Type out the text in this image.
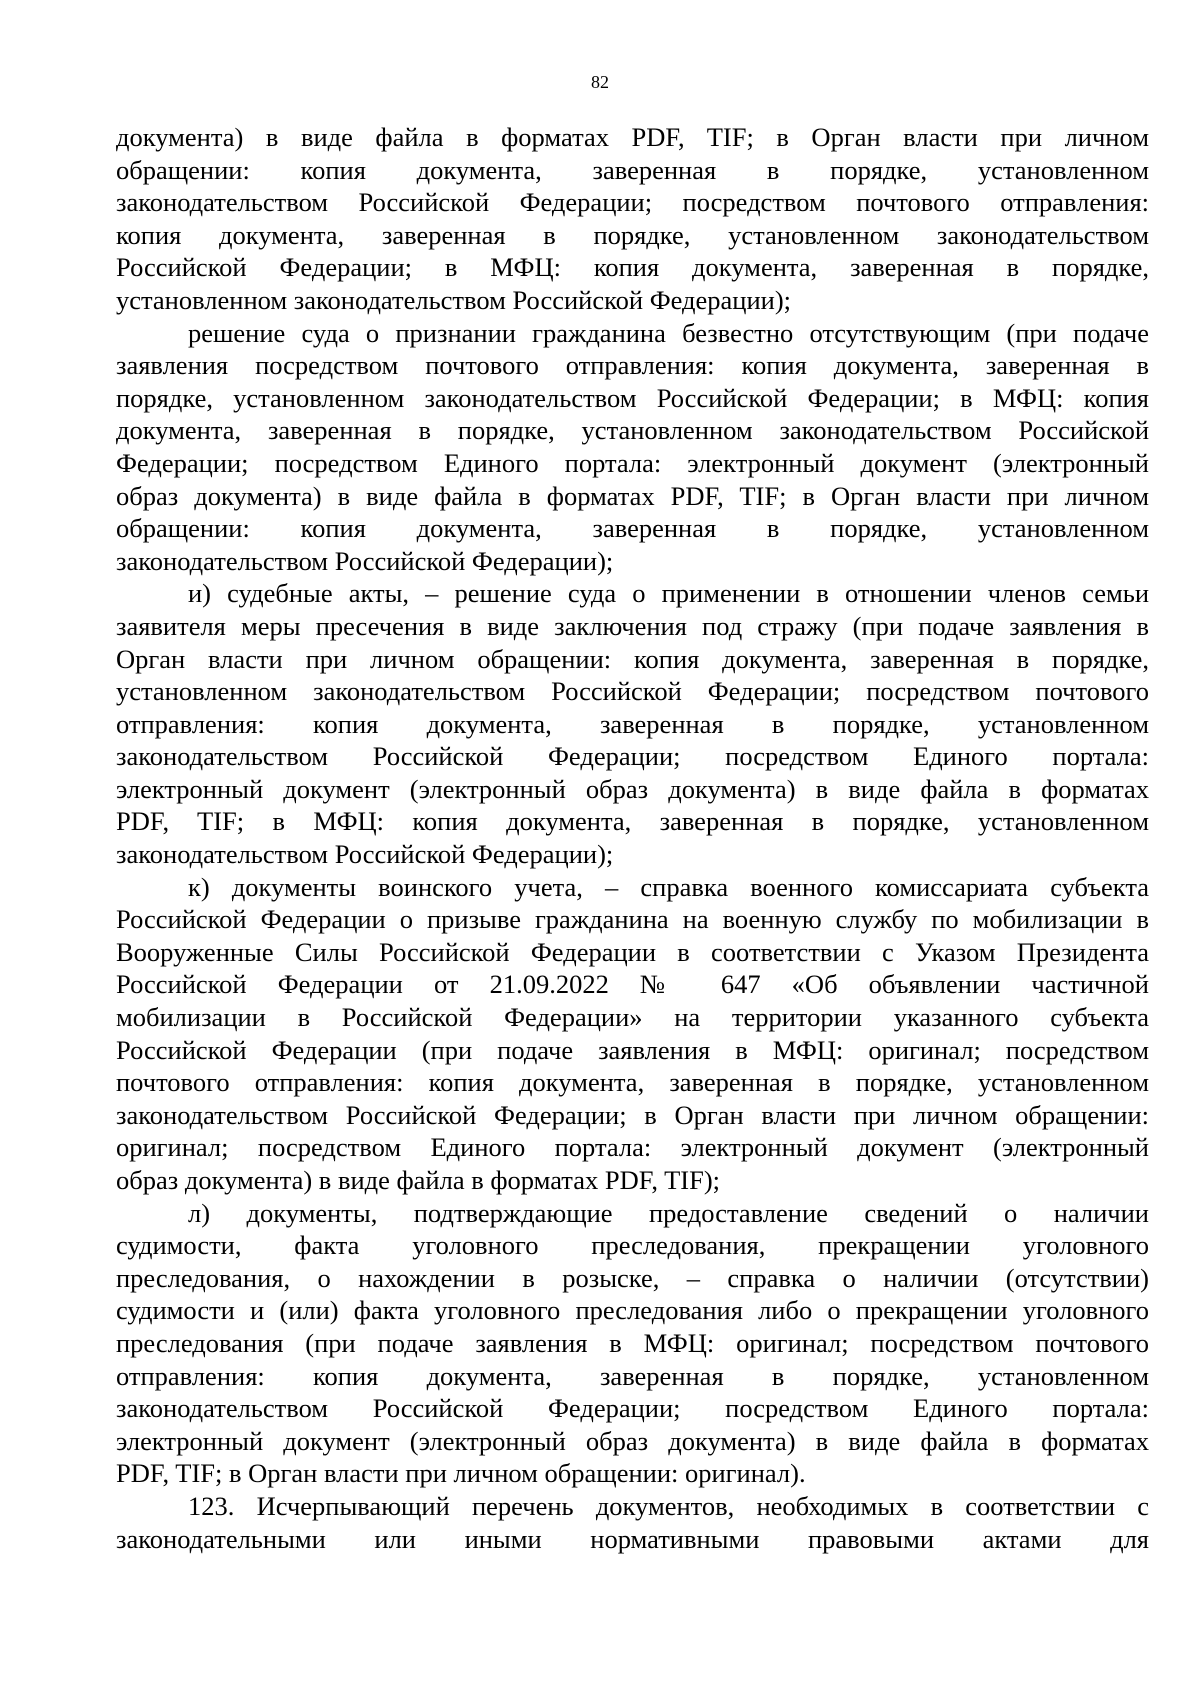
82
документа) в виде файла в форматах PDF, TIF; в Орган власти при личном
обращении: копия документа, заверенная в порядке, установленном
законодательством Российской Федерации; посредством почтового отправления:
копия документа, заверенная в порядке, установленном законодательством
Российской Федерации; в МФЦ: копия документа, заверенная в порядке,
установленном законодательством Российской Федерации);
решение суда о признании гражданина безвестно отсутствующим (при подаче
заявления посредством почтового отправления: копия документа, заверенная в
порядке, установленном законодательством Российской Федерации; в МФЦ: копия
документа, заверенная в порядке, установленном законодательством Российской
Федерации; посредством Единого портала: электронный документ (электронный
образ документа) в виде файла в форматах PDF, TIF; в Орган власти при личном
обращении: копия документа, заверенная в порядке, установленном
законодательством Российской Федерации);
и) судебные акты, – решение суда о применении в отношении членов семьи
заявителя меры пресечения в виде заключения под стражу (при подаче заявления в
Орган власти при личном обращении: копия документа, заверенная в порядке,
установленном законодательством Российской Федерации; посредством почтового
отправления: копия документа, заверенная в порядке, установленном
законодательством Российской Федерации; посредством Единого портала:
электронный документ (электронный образ документа) в виде файла в форматах
PDF, TIF; в МФЦ: копия документа, заверенная в порядке, установленном
законодательством Российской Федерации);
к) документы воинского учета, – справка военного комиссариата субъекта
Российской Федерации о призыве гражданина на военную службу по мобилизации в
Вооруженные Силы Российской Федерации в соответствии с Указом Президента
Российской Федерации от 21.09.2022 № 647 «Об объявлении частичной
мобилизации в Российской Федерации» на территории указанного субъекта
Российской Федерации (при подаче заявления в МФЦ: оригинал; посредством
почтового отправления: копия документа, заверенная в порядке, установленном
законодательством Российской Федерации; в Орган власти при личном обращении:
оригинал; посредством Единого портала: электронный документ (электронный
образ документа) в виде файла в форматах PDF, TIF);
л) документы, подтверждающие предоставление сведений о наличии
судимости, факта уголовного преследования, прекращении уголовного
преследования, о нахождении в розыске, – справка о наличии (отсутствии)
судимости и (или) факта уголовного преследования либо о прекращении уголовного
преследования (при подаче заявления в МФЦ: оригинал; посредством почтового
отправления: копия документа, заверенная в порядке, установленном
законодательством Российской Федерации; посредством Единого портала:
электронный документ (электронный образ документа) в виде файла в форматах
PDF, TIF; в Орган власти при личном обращении: оригинал).
123. Исчерпывающий перечень документов, необходимых в соответствии с
законодательными или иными нормативными правовыми актами для
